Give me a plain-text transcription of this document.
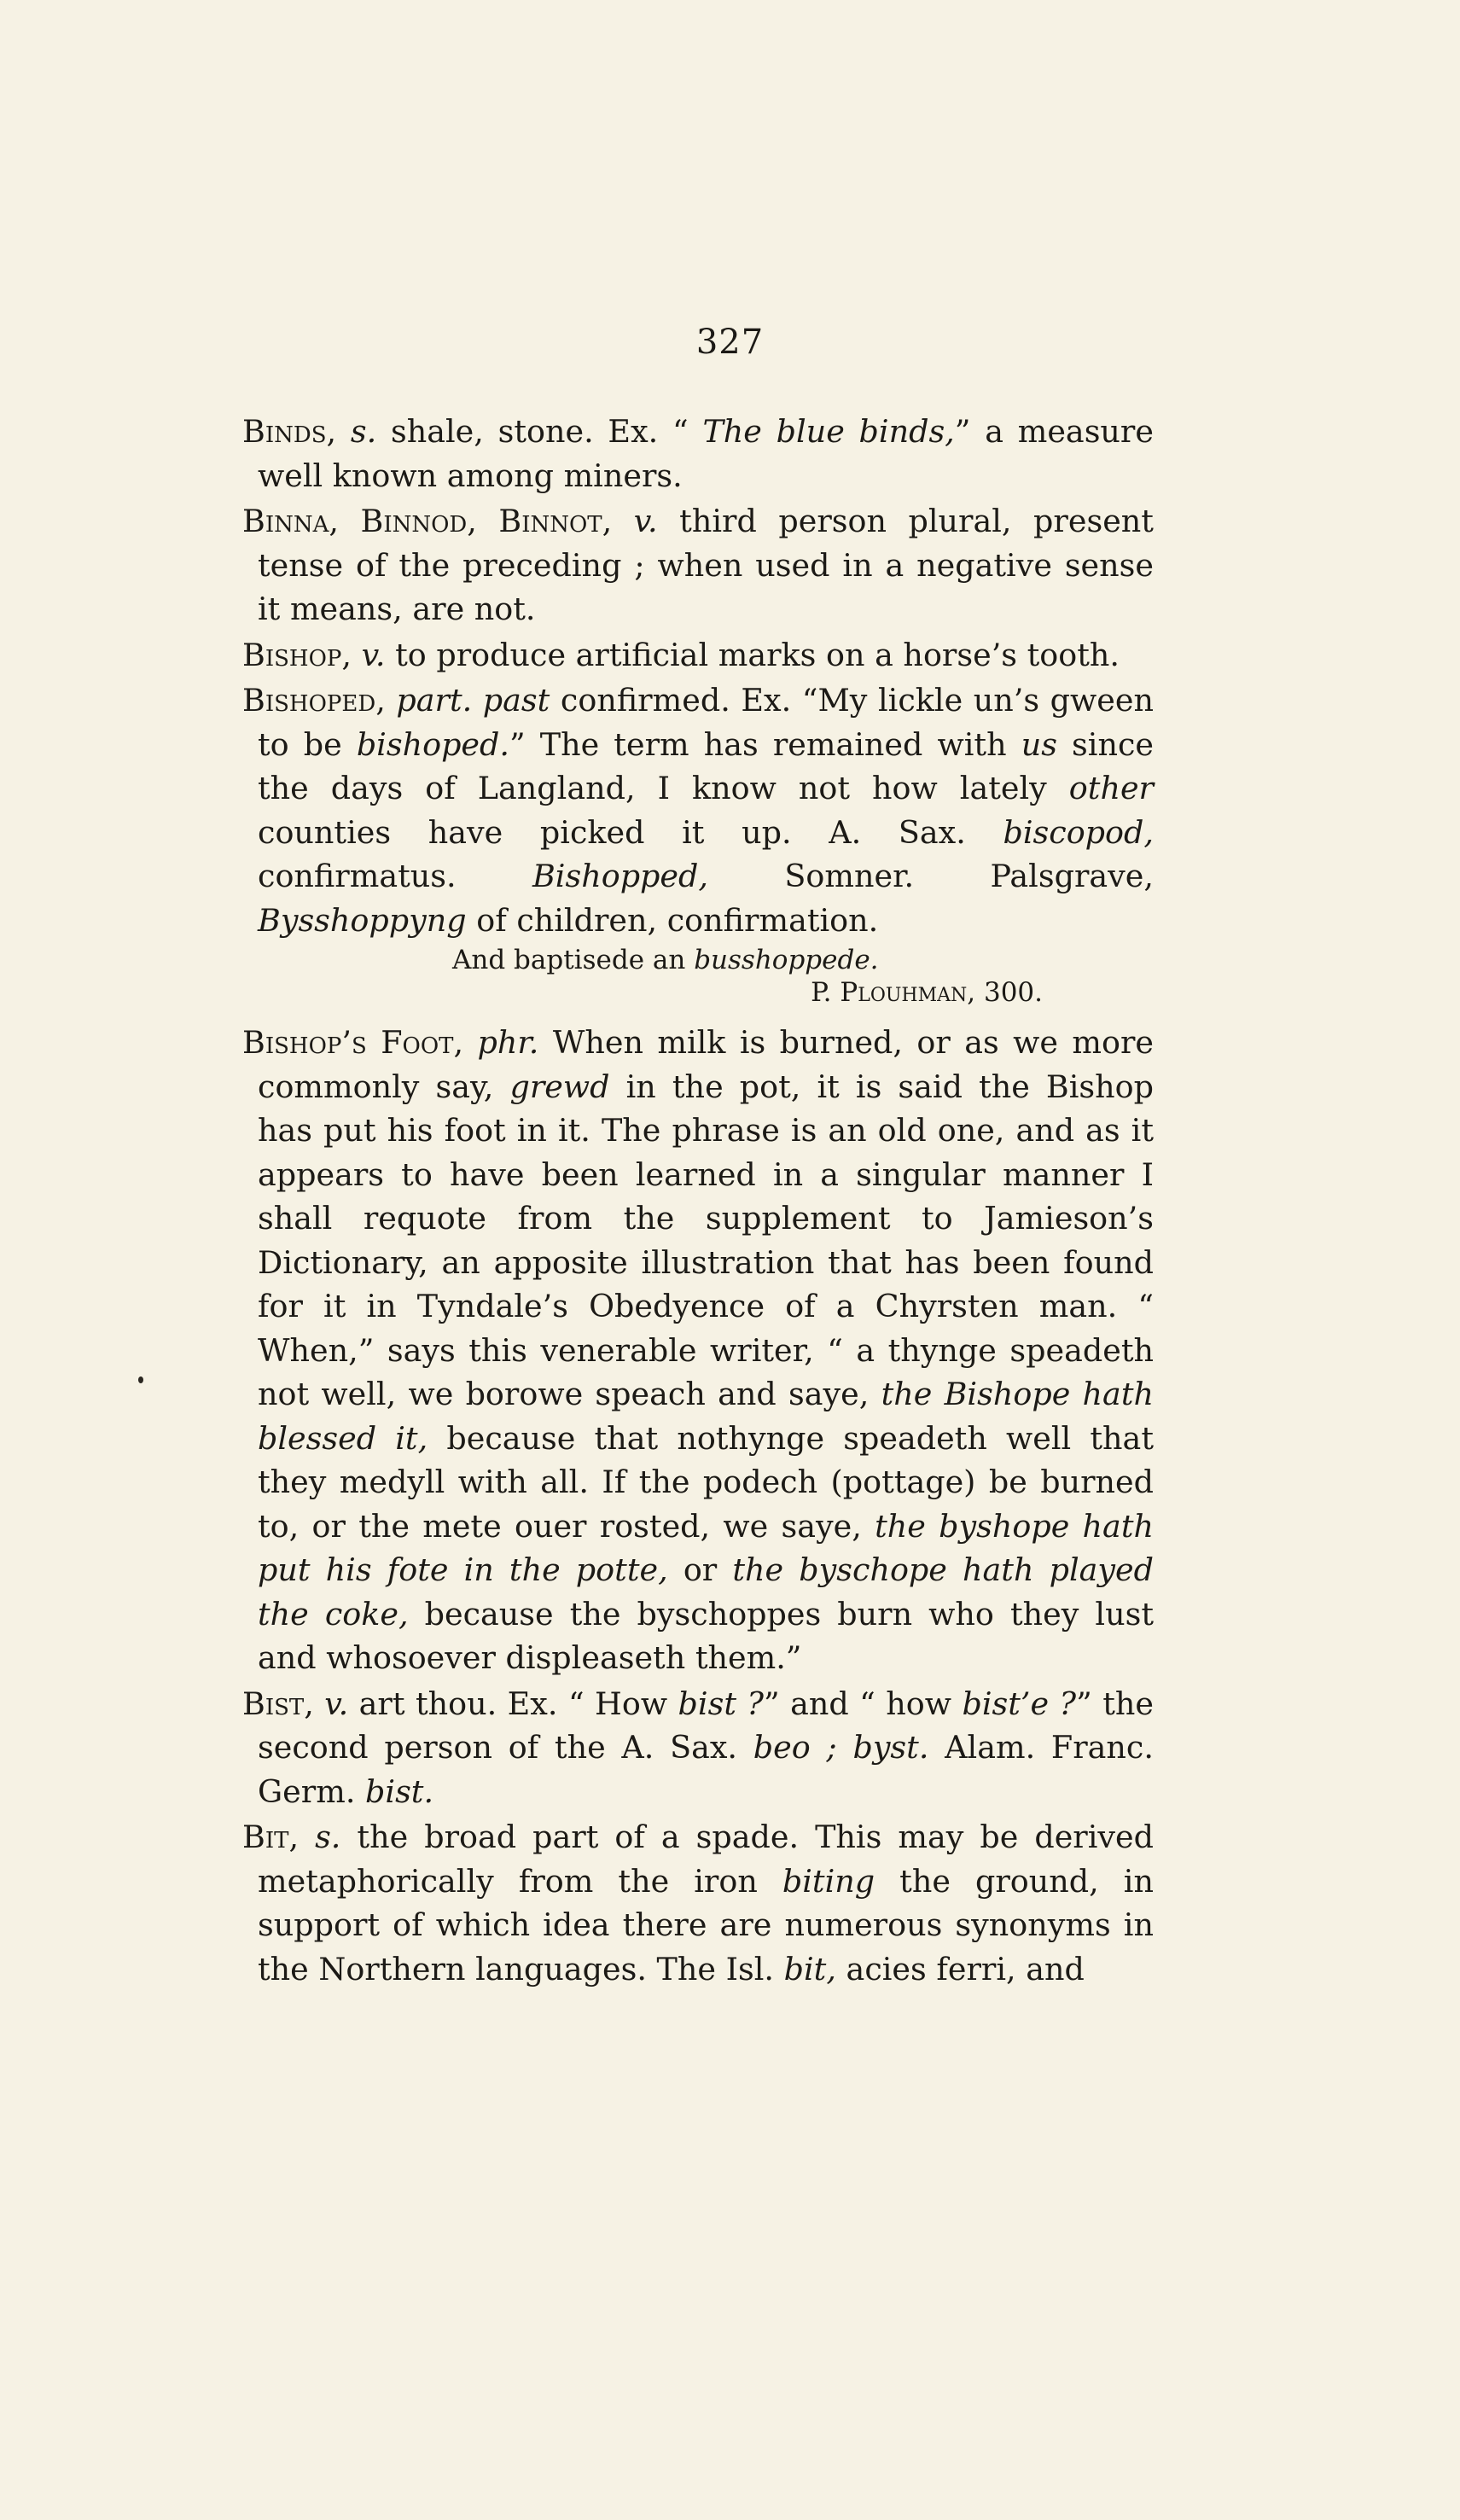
327

Binds, s. shale, stone. Ex. “ The blue binds,” a measure well known among miners.

Binna, Binnod, Binnot, v. third person plural, present tense of the preceding ; when used in a negative sense it means, are not.

Bishop, v. to produce artificial marks on a horse’s tooth.

Bishoped, part. past confirmed. Ex. “My lickle un’s gween to be bishoped.” The term has remained with us since the days of Langland, I know not how lately other counties have picked it up. A. Sax. biscopod, confirmatus. Bishopped, Somner. Palsgrave, Bysshoppyng of children, confirmation.

And baptisede an busshoppede.
P. Plouhman, 300.

Bishop’s Foot, phr. When milk is burned, or as we more commonly say, grewd in the pot, it is said the Bishop has put his foot in it. The phrase is an old one, and as it appears to have been learned in a singular manner I shall requote from the supplement to Jamieson’s Dictionary, an apposite illustration that has been found for it in Tyndale’s Obedyence of a Chyrsten man. “ When,” says this venerable writer, “ a thynge speadeth not well, we borowe speach and saye, the Bishope hath blessed it, because that nothynge speadeth well that they medyll with all. If the podech (pottage) be burned to, or the mete ouer rosted, we saye, the byshope hath put his fote in the potte, or the byschope hath played the coke, because the byschoppes burn who they lust and whosoever displeaseth them.”

Bist, v. art thou. Ex. “ How bist ?” and “ how bist’e ?” the second person of the A. Sax. beo ; byst. Alam. Franc. Germ. bist.

Bit, s. the broad part of a spade. This may be derived metaphorically from the iron biting the ground, in support of which idea there are numerous synonyms in the Northern languages. The Isl. bit, acies ferri, and
